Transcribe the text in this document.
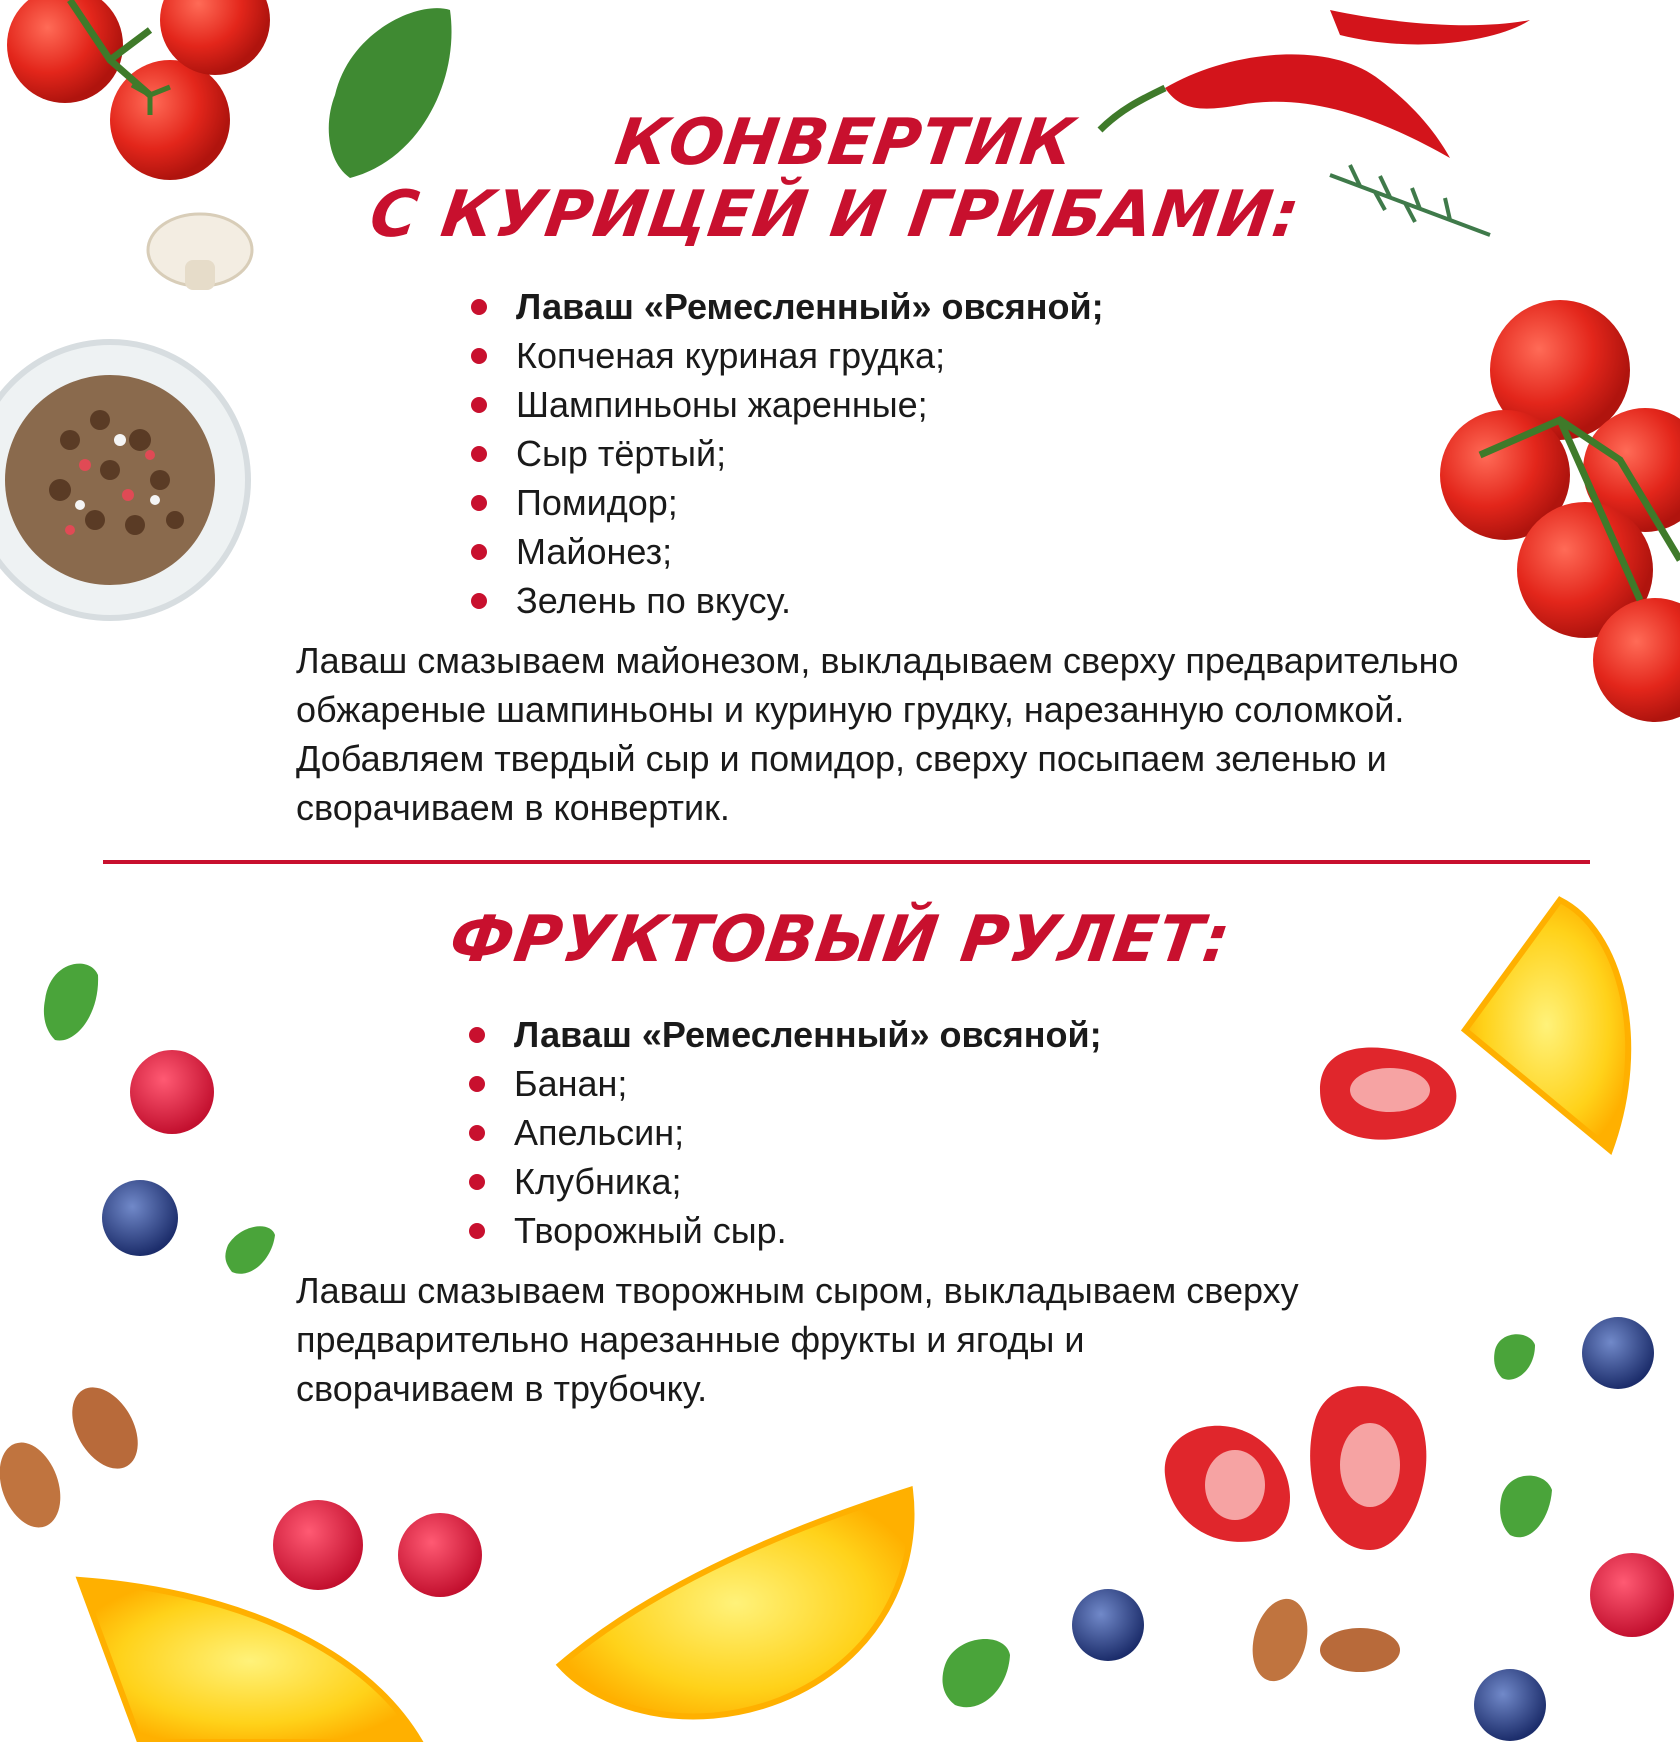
КОНВЕРТИК
С КУРИЦЕЙ И ГРИБАМИ:
Лаваш «Ремесленный» овсяной;
Копченая куриная грудка;
Шампиньоны жаренные;
Сыр тёртый;
Помидор;
Майонез;
Зелень по вкусу.
Лаваш смазываем майонезом, выкладываем сверху предварительно
обжареные шампиньоны и куриную грудку, нарезанную соломкой.
Добавляем твердый сыр и помидор, сверху посыпаем зеленью и
сворачиваем в конвертик.
ФРУКТОВЫЙ РУЛЕТ:
Лаваш «Ремесленный» овсяной;
Банан;
Апельсин;
Клубника;
Творожный сыр.
Лаваш смазываем творожным сыром, выкладываем сверху
предварительно нарезанные фрукты и ягоды и
сворачиваем в трубочку.
